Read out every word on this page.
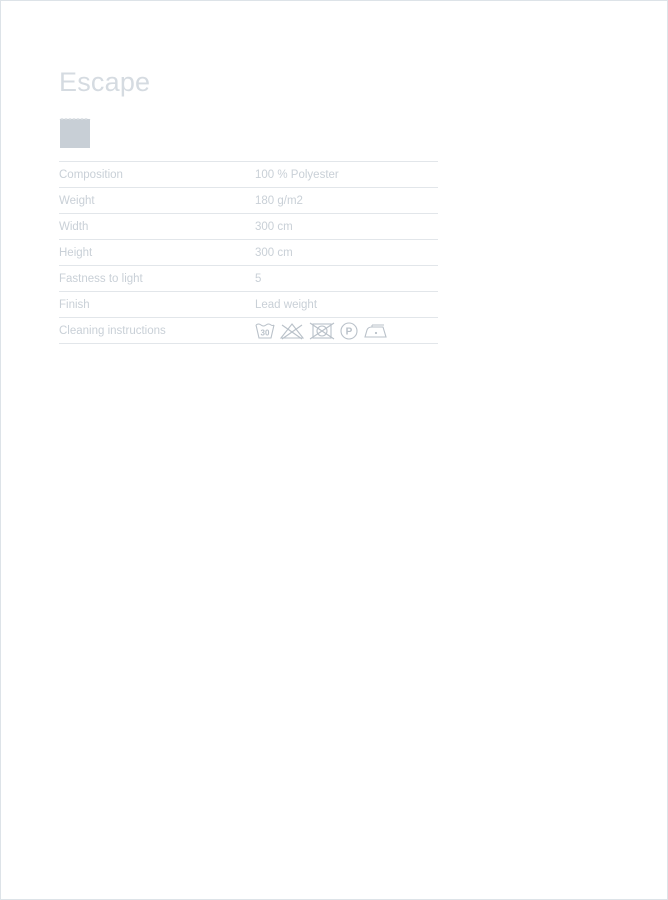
Escape
Composition	100 % Polyester
Weight	180 g/m2
Width	300 cm
Height	300 cm
Fastness to light	5
Finish	Lead weight
Cleaning instructions	30 P
